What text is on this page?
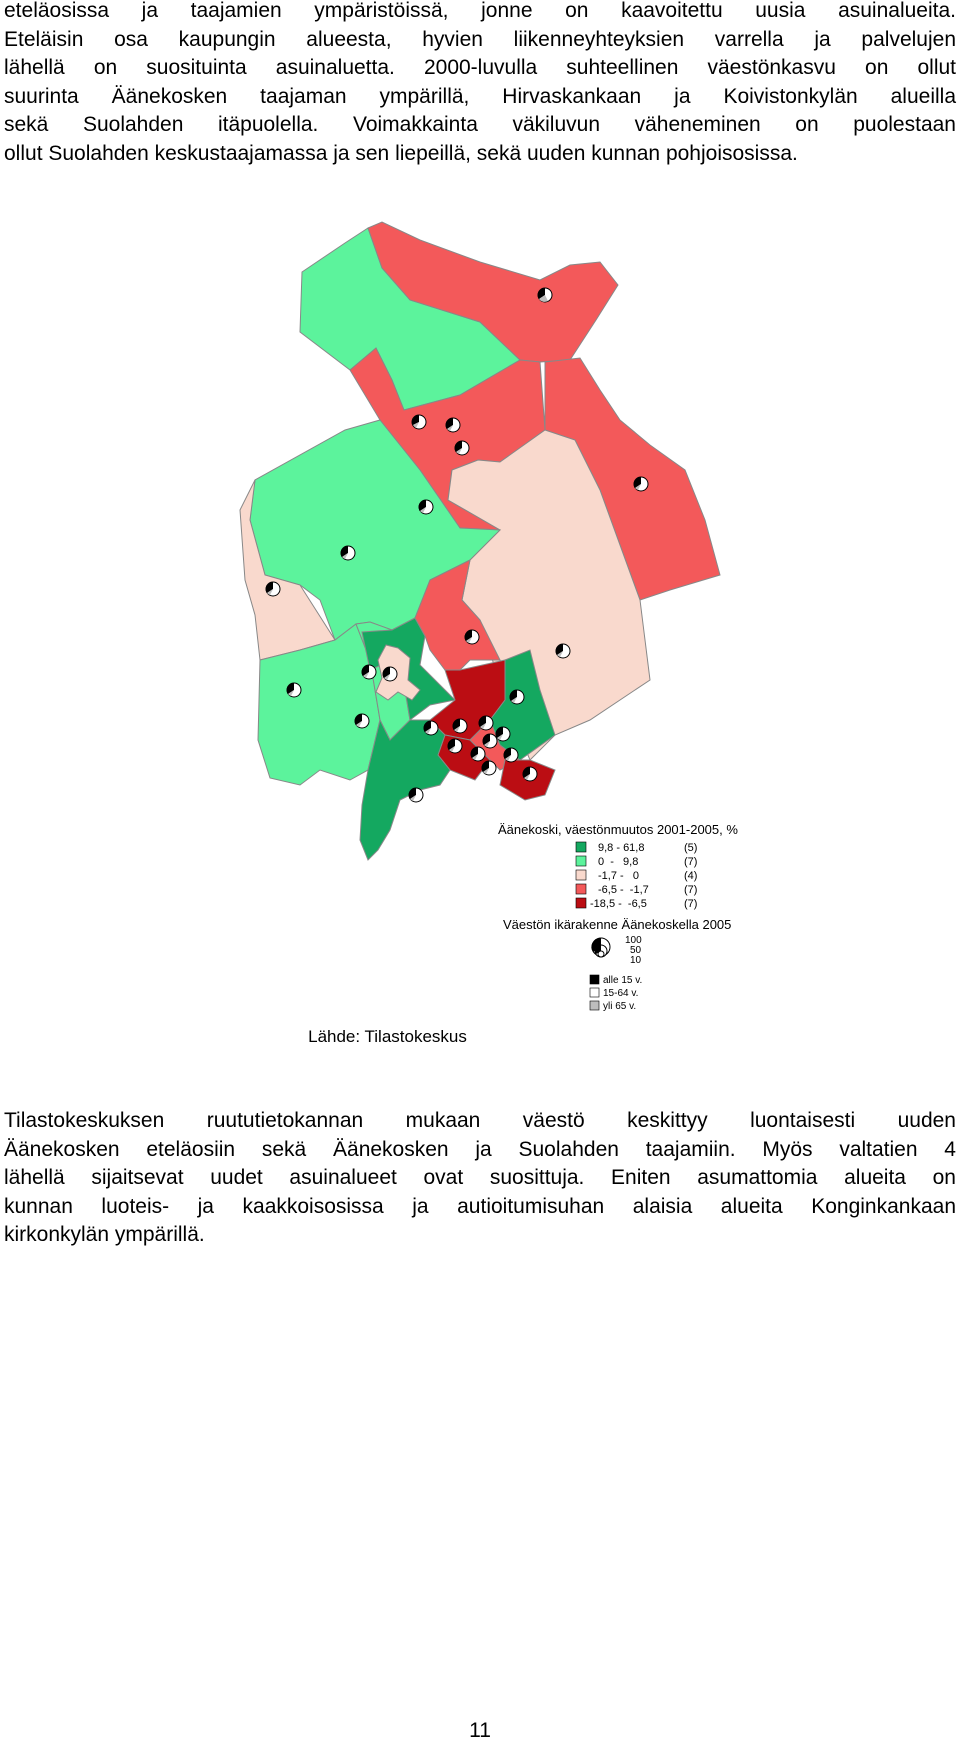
eteläosissa ja taajamien ympäristöissä, jonne on kaavoitettu uusia asuinalueita.
Eteläisin osa kaupungin alueesta, hyvien liikenneyhteyksien varrella ja palvelujen
lähellä on suosituinta asuinaluetta. 2000-luvulla suhteellinen väestönkasvu on ollut
suurinta Äänekosken taajaman ympärillä, Hirvaskankaan ja Koivistonkylän alueilla
sekä Suolahden itäpuolella. Voimakkainta väkiluvun väheneminen on puolestaan
ollut Suolahden keskustaajamassa ja sen liepeillä, sekä uuden kunnan pohjoisosissa.

Äänekoski, väestönmuutos 2001-2005, %
9,8 - 61,8	(5)
0  -   9,8	(7)
-1,7 -   0	(4)
-6,5 -  -1,7	(7)
-18,5 -  -6,5	(7)
Väestön ikärakenne Äänekoskella 2005
100
50
10
alle 15 v.
15-64 v.
yli 65 v.
Lähde: Tilastokeskus

Tilastokeskuksen ruututietokannan mukaan väestö keskittyy luontaisesti uuden
Äänekosken eteläosiin sekä Äänekosken ja Suolahden taajamiin. Myös valtatien 4
lähellä sijaitsevat uudet asuinalueet ovat suosittuja. Eniten asumattomia alueita on
kunnan luoteis- ja kaakkoisosissa ja autioitumisuhan alaisia alueita Konginkankaan
kirkonkylän ympärillä.

11
